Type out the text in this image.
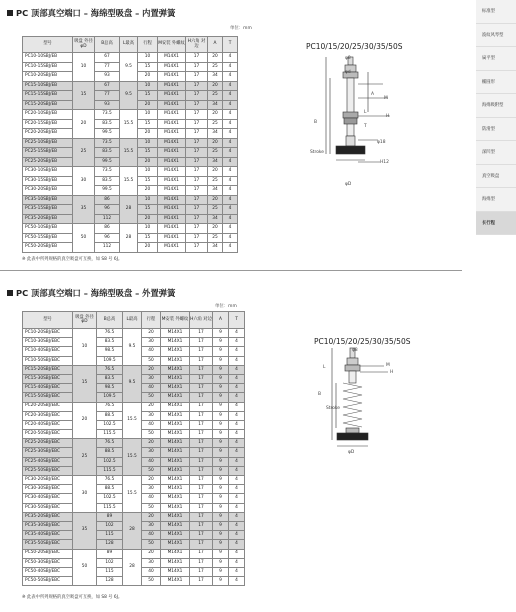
PC 顶部真空端口 – 海绵型吸盘 – 内置弹簧
单位：mm
型号	吸盘 外径φD	B总高	L最高	行程	M安装 外螺纹	H六角 对边	A	T
PC10-10SBJ/EB	10	67	9.5	10	M14X1	17	20	4
PC10-15SBJ/EB		77		15	M14X1	17	25	4
PC10-20SBJ/EB		93		20	M14X1	17	34	4
PC15-10SBJ/EB	15	67	9.5	10	M14X1	17	20	4
PC15-15SBJ/EB		77		15	M14X1	17	25	4
PC15-20SBJ/EB		93		20	M14X1	17	34	4
PC20-10SBJ/EB	20	73.5	15.5	10	M14X1	17	20	4
PC20-15SBJ/EB		83.5		15	M14X1	17	25	4
PC20-20SBJ/EB		99.5		20	M14X1	17	34	4
PC25-10SBJ/EB	25	73.5	15.5	10	M14X1	17	20	4
PC25-15SBJ/EB		83.5		15	M14X1	17	25	4
PC25-20SBJ/EB		99.5		20	M14X1	17	34	4
PC30-10SBJ/EB	30	73.5	15.5	10	M14X1	17	20	4
PC30-15SBJ/EB		83.5		15	M14X1	17	25	4
PC30-20SBJ/EB		99.5		20	M14X1	17	34	4
PC35-10SBJ/EB	35	86	28	10	M14X1	17	20	4
PC35-15SBJ/EB		96		15	M14X1	17	25	4
PC35-20SBJ/EB		112		20	M14X1	17	34	4
PC50-10SBJ/EB	50	86	28	10	M14X1	17	20	4
PC50-15SBJ/EB		96		15	M14X1	17	25	4
PC50-20SBJ/EB		112		20	M14X1	17	34	4
PC10/15/20/25/30/35/50S
φ8
φd
A
M
H
L
T
φ18
H12
B
Stroke
φD
※ 此表中所列规格的真空吸盘可互换，如 S8 号 6J。
PC 顶部真空端口 – 海绵型吸盘 – 外置弹簧
单位：mm
型号	吸盘 外径φD	B总高	L最高	行程	M安装 外螺纹	H六角 对边	A	T
PC10-20SBJ/EBC	10	76.5	9.5	20	M14X1	17	9	4
PC10-30SBJ/EBC		83.5		30	M14X1	17	9	4
PC10-40SBJ/EBC		98.5		40	M14X1	17	9	4
PC10-50SBJ/EBC		109.5		50	M14X1	17	9	4
PC15-20SBJ/EBC	15	76.5	9.5	20	M14X1	17	9	4
PC15-30SBJ/EBC		83.5		30	M14X1	17	9	4
PC15-40SBJ/EBC		98.5		40	M14X1	17	9	4
PC15-50SBJ/EBC		109.5		50	M14X1	17	9	4
PC20-20SBJ/EBC	20	76.5	15.5	20	M14X1	17	9	4
PC20-30SBJ/EBC		88.5		30	M14X1	17	9	4
PC20-40SBJ/EBC		102.5		40	M14X1	17	9	4
PC20-50SBJ/EBC		115.5		50	M14X1	17	9	4
PC25-20SBJ/EBC	25	76.5	15.5	20	M14X1	17	9	4
PC25-30SBJ/EBC		88.5		30	M14X1	17	9	4
PC25-40SBJ/EBC		102.5		40	M14X1	17	9	4
PC25-50SBJ/EBC		115.5		50	M14X1	17	9	4
PC30-20SBJ/EBC	30	76.5	15.5	20	M14X1	17	9	4
PC30-30SBJ/EBC		88.5		30	M14X1	17	9	4
PC30-40SBJ/EBC		102.5		40	M14X1	17	9	4
PC30-50SBJ/EBC		115.5		50	M14X1	17	9	4
PC35-20SBJ/EBC	35	89	28	20	M14X1	17	9	4
PC35-30SBJ/EBC		102		30	M14X1	17	9	4
PC35-40SBJ/EBC		115		40	M14X1	17	9	4
PC35-50SBJ/EBC		128		50	M14X1	17	9	4
PC50-20SBJ/EBC	50	89	28	20	M14X1	17	9	4
PC50-30SBJ/EBC		102		30	M14X1	17	9	4
PC50-40SBJ/EBC		115		40	M14X1	17	9	4
PC50-50SBJ/EBC		128		50	M14X1	17	9	4
PC10/15/20/25/30/35/50S
φ8
M
H
L
Stroke
B
φD
※ 此表中所列规格的真空吸盘可互换，如 S8 号 6J。
标准型
波纹风琴型
扁平型
椭圆形
海绵吸附型
防滑型
深凹型
真空吸盘
海绵型
长行程
